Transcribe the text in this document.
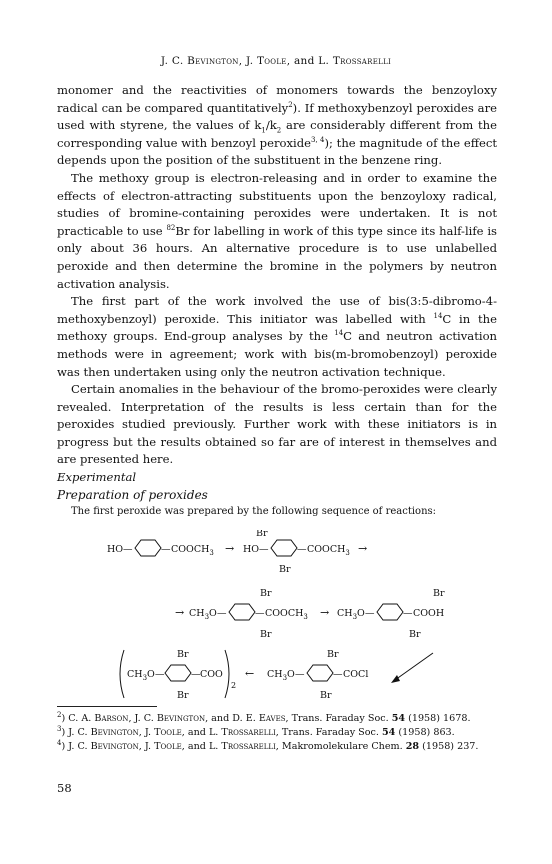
J. C. Bevington, J. Toole, and L. Trossarelli

monomer and the reactivities of monomers towards the benzoyloxy radical can be compared quantitatively$^2$). If methoxybenzoyl peroxides are used with styrene, the values of $k_1/k_2$ are considerably different from the corresponding value with benzoyl peroxide$^{3, 4}$); the magnitude of the effect depends upon the position of the substituent in the benzene ring.

The methoxy group is electron-releasing and in order to examine the effects of electron-attracting substituents upon the benzoyloxy radical, studies of bromine-containing peroxides were undertaken. It is not practicable to use $^{82}$Br for labelling in work of this type since its half-life is only about 36 hours. An alternative procedure is to use unlabelled peroxide and then determine the bromine in the polymers by neutron activation analysis.

The first part of the work involved the use of bis(3:5-dibromo-4-methoxybenzoyl) peroxide. This initiator was labelled with $^{14}$C in the methoxy groups. End-group analyses by the $^{14}$C and neutron activation methods were in agreement; work with bis(m-bromobenzoyl) peroxide was then undertaken using only the neutron activation technique.

Certain anomalies in the behaviour of the bromo-peroxides were clearly revealed. Interpretation of the results is less certain than for the peroxides studied previously. Further work with these initiators is in progress but the results obtained so far are of interest in themselves and are presented here.

Experimental

Preparation of peroxides

The first peroxide was prepared by the following sequence of reactions:

HO —	— $COOCH_3$ →
Br
HO —	— $COOCH_3$ →
Br
Br	Br
→ $CH_3O$ —	— $COOCH_3 \to CH_3O$ —	— COOH
Br	Br
Br	Br
$CH_3O$ —	— COO
2
← $CH_3O$ —	— COCl
Br	Br

$^2$) C. A. Barson, J. C. Bevington, and D. E. Eaves, Trans. Faraday Soc. 54 (1958) 1678.

$^3$) J. C. Bevington, J. Toole, and L. Trossarelli, Trans. Faraday Soc. 54 (1958) 863.

$^4$) J. C. Bevington, J. Toole, and L. Trossarelli, Makromolekulare Chem. 28 (1958) 237.

58
